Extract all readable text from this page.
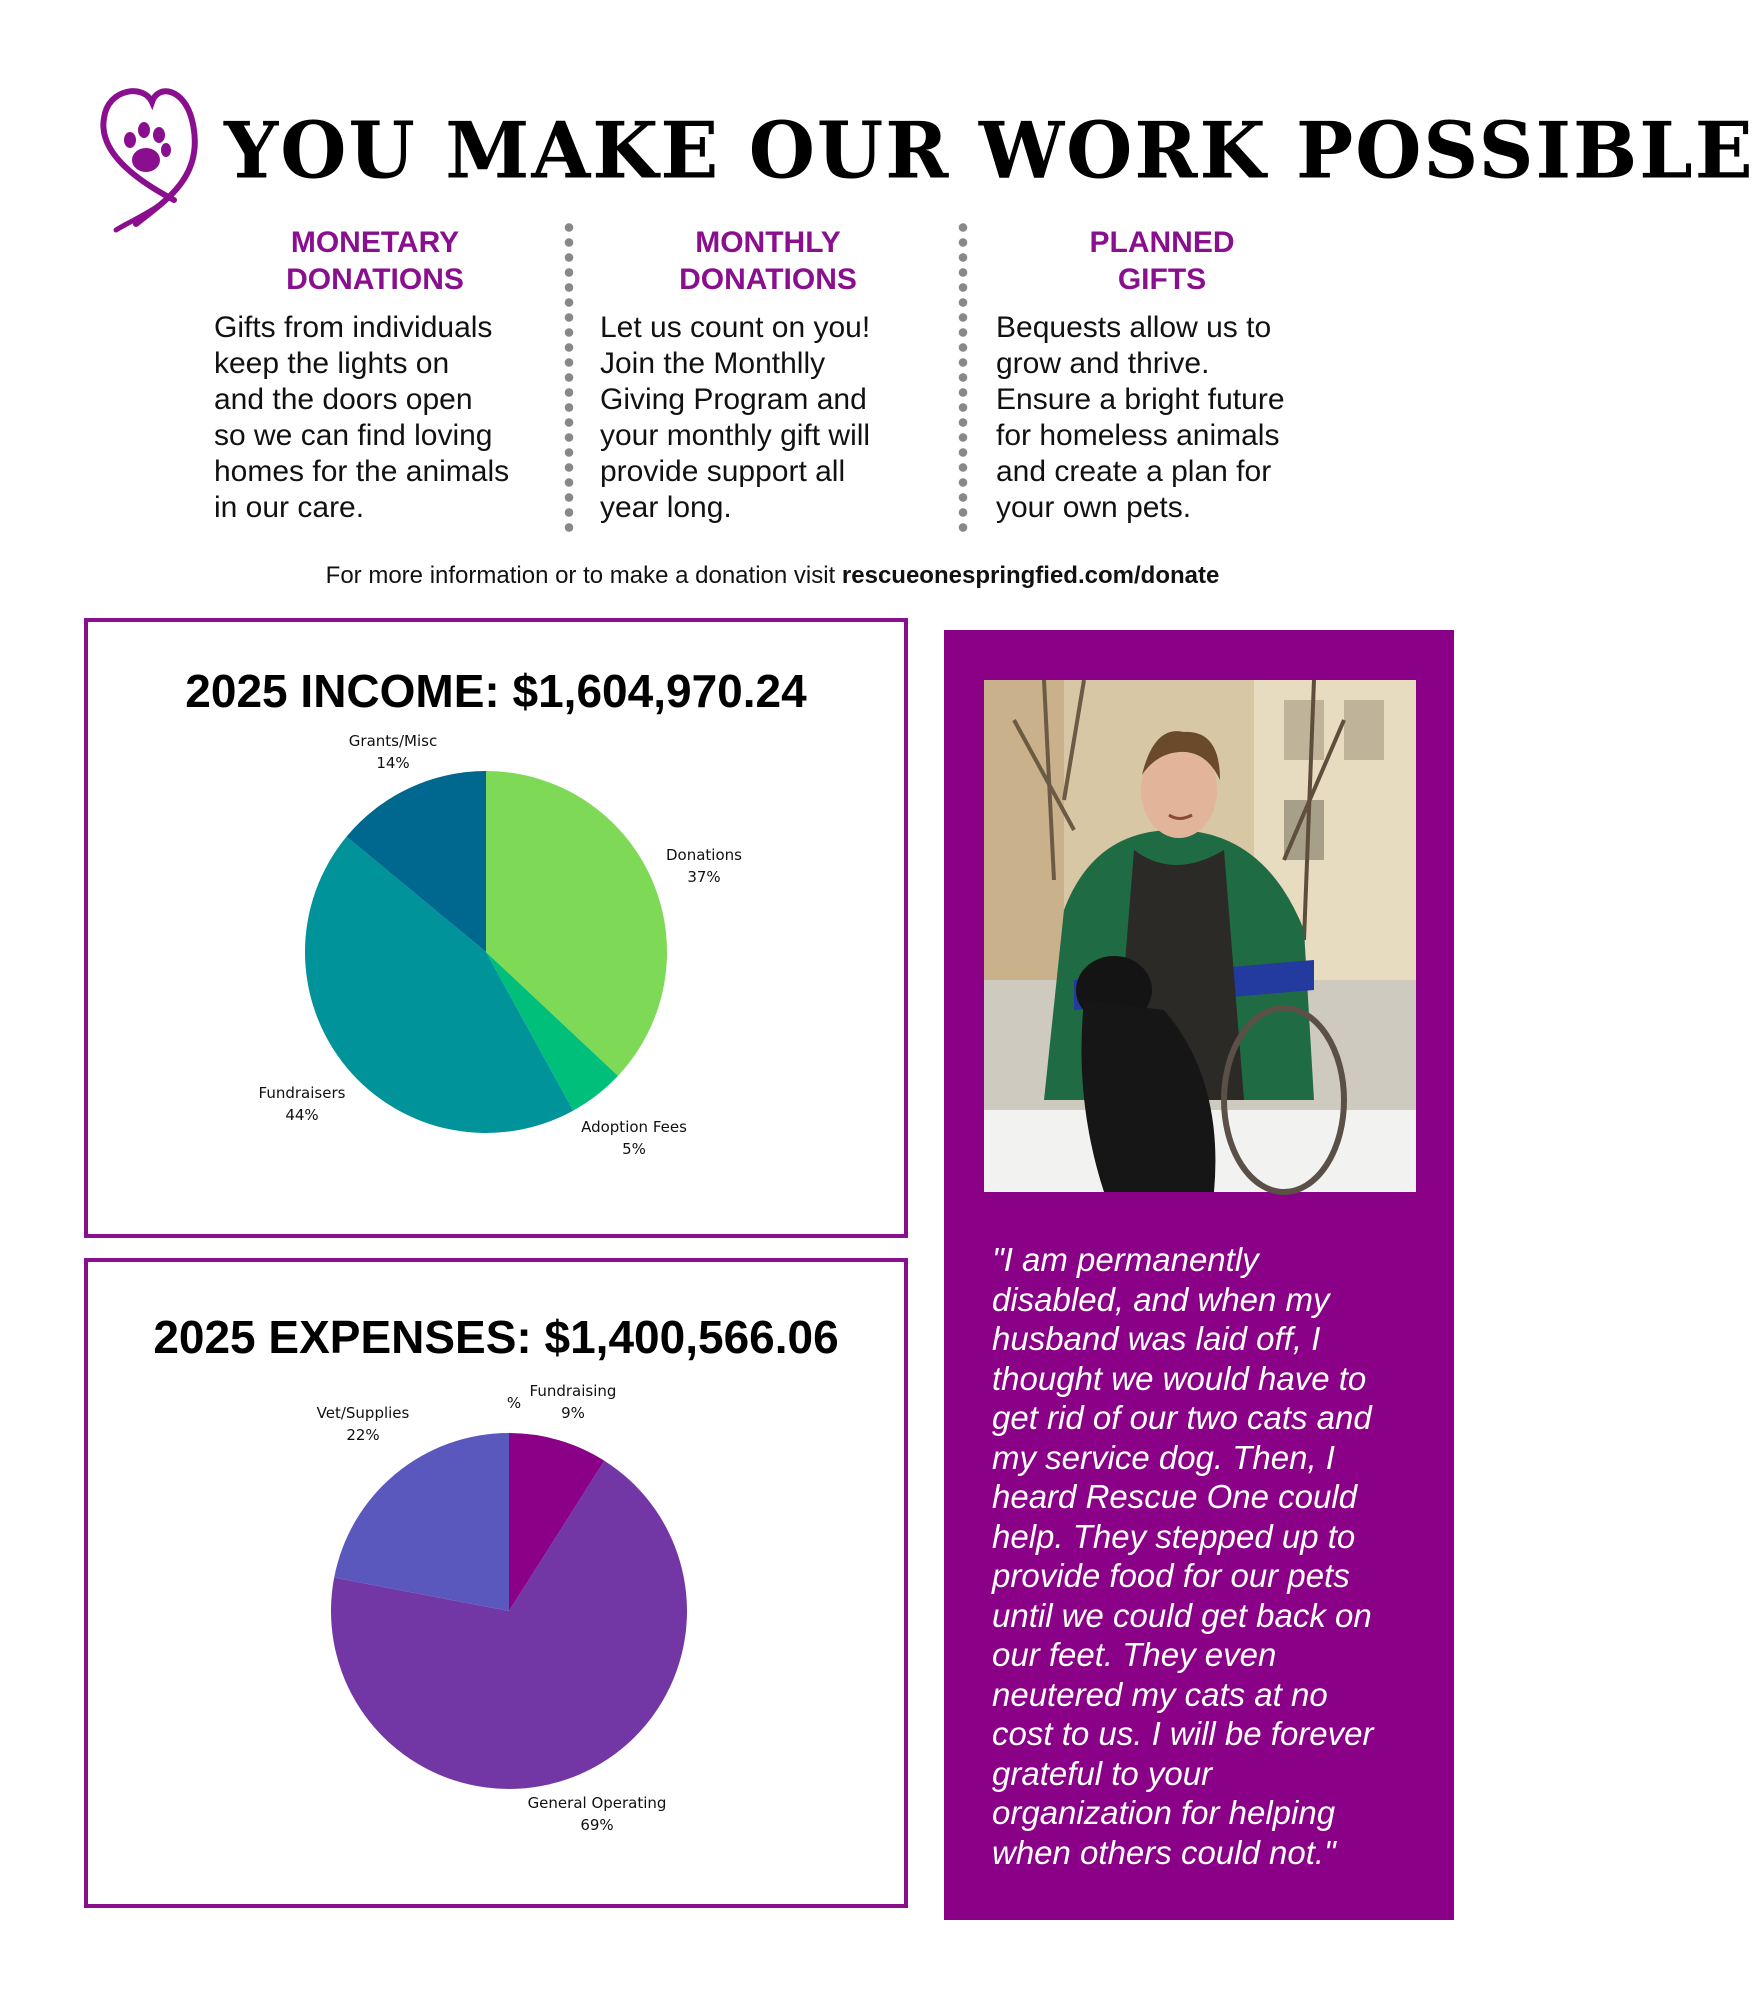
YOU MAKE OUR WORK POSSIBLE
MONETARY
DONATIONS
Gifts from individuals
keep the lights on
and the doors open
so we can find loving
homes for the animals
in our care.
MONTHLY
DONATIONS
Let us count on you!
Join the Monthlly
Giving Program and
your monthly gift will
provide support all
year long.
PLANNED
GIFTS
Bequests allow us to
grow and thrive.
Ensure a bright future
for homeless animals
and create a plan for
your own pets.
For more information or to make a donation visit rescueonespringfied.com/donate
2025 INCOME: $1,604,970.24
Donations
37%
Adoption Fees
5%
Fundraisers
44%
Grants/Misc
14%
2025 EXPENSES: $1,400,566.06
Fundraising
9%
General Operating
69%
Vet/Supplies
22%
%
"I am permanently
disabled, and when my
husband was laid off, I
thought we would have to
get rid of our two cats and
my service dog. Then, I
heard Rescue One could
help. They stepped up to
provide food for our pets
until we could get back on
our feet. They even
neutered my cats at no
cost to us. I will be forever
grateful to your
organization for helping
when others could not."
